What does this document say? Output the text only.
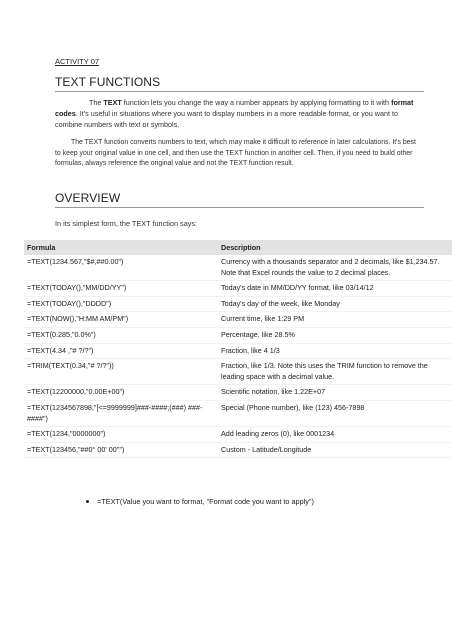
ACTIVITY 07
TEXT FUNCTIONS
The TEXT function lets you change the way a number appears by applying formatting to it with format codes. It's useful in situations where you want to display numbers in a more readable format, or you want to combine numbers with text or symbols.
The TEXT function converts numbers to text, which may make it difficult to reference in later calculations. It's best to keep your original value in one cell, and then use the TEXT function in another cell. Then, if you need to build other formulas, always reference the original value and not the TEXT function result.
OVERVIEW
In its simplest form, the TEXT function says:
Formula	Description
=TEXT(1234.567,"$#,##0.00")	Currency with a thousands separator and 2 decimals, like $1,234.57. Note that Excel rounds the value to 2 decimal places.
=TEXT(TODAY(),"MM/DD/YY")	Today's date in MM/DD/YY format, like 03/14/12
=TEXT(TODAY(),"DDDD")	Today's day of the week, like Monday
=TEXT(NOW(),"H:MM AM/PM")	Current time, like 1:29 PM
=TEXT(0.285,"0.0%")	Percentage, like 28.5%
=TEXT(4.34 ,"# ?/?")	Fraction, like 4 1/3
=TRIM(TEXT(0.34,"# ?/?"))	Fraction, like 1/3. Note this uses the TRIM function to remove the leading space with a decimal value.
=TEXT(12200000,"0.00E+00")	Scientific notation, like 1.22E+07
=TEXT(1234567898,"[<=9999999]###-####;(###) ###-####")	Special (Phone number), like (123) 456-7898
=TEXT(1234,"0000000")	Add leading zeros (0), like 0001234
=TEXT(123456,"##0° 00' 00''")	Custom - Latitude/Longitude
=TEXT(Value you want to format, "Format code you want to apply")
